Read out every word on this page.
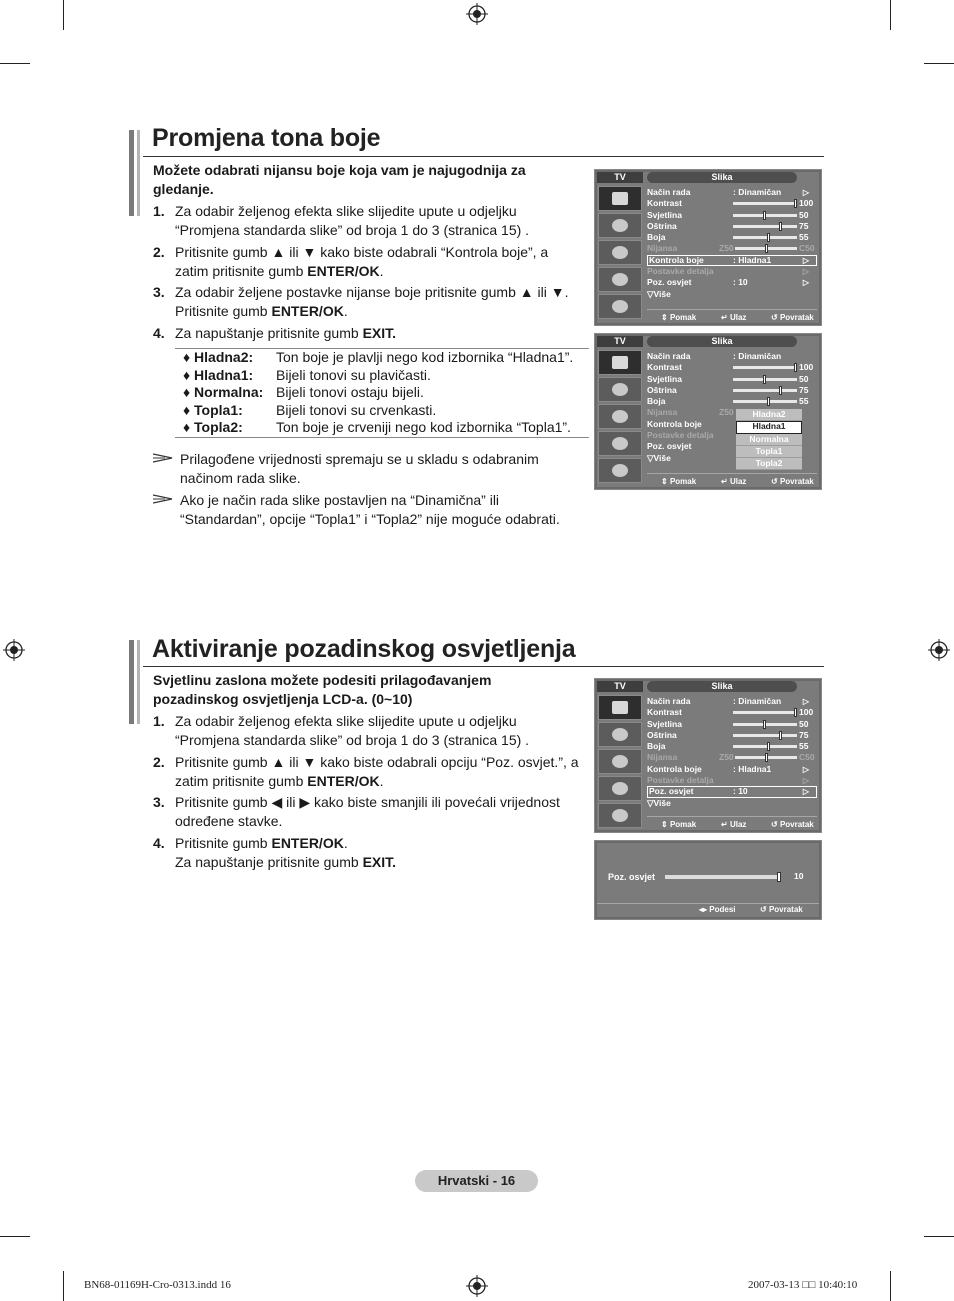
Promjena tona boje
Možete odabrati nijansu boje koja vam je najugodnija za gledanje.
1. Za odabir željenog efekta slike slijedite upute u odjeljku “Promjena standarda slike” od broja 1 do 3 (stranica 15) .
2. Pritisnite gumb ▲ ili ▼ kako biste odabrali “Kontrola boje”, a zatim pritisnite gumb ENTER/OK.
3. Za odabir željene postavke nijanse boje pritisnite gumb ▲ ili ▼. Pritisnite gumb ENTER/OK.
4. Za napuštanje pritisnite gumb EXIT.
♦ Hladna2: Ton boje je plavlji nego kod izbornika “Hladna1”.
♦ Hladna1: Bijeli tonovi su plavičasti.
♦ Normalna: Bijeli tonovi ostaju bijeli.
♦ Topla1: Bijeli tonovi su crvenkasti.
♦ Topla2: Ton boje je crveniji nego kod izbornika “Topla1”.
Prilagođene vrijednosti spremaju se u skladu s odabranim načinom rada slike.
Ako je način rada slike postavljen na “Dinamična” ili “Standardan”, opcije “Topla1” i “Topla2” nije moguće odabrati.
TV	Slika
Način rada	: Dinamičan	▷
Kontrast	100
Svjetlina	50
Oštrina	75
Boja	55
Nijansa	Z50	C50
Kontrola boje	: Hladna1	▷
Postavke detalja	▷
Poz. osvjet	: 10	▷
▽Više
⇕ Pomak	↵ Ulaz	↺ Povratak
TV	Slika
Način rada	: Dinamičan
Kontrast	100
Svjetlina	50
Oštrina	75
Boja	55
Nijansa	Z50
Kontrola boje
Postavke detalja
Poz. osvjet
▽Više
Hladna2
Hladna1
Normalna
Topla1
Topla2
⇕ Pomak	↵ Ulaz	↺ Povratak
Aktiviranje pozadinskog osvjetljenja
Svjetlinu zaslona možete podesiti prilagođavanjem pozadinskog osvjetljenja LCD-a. (0~10)
1. Za odabir željenog efekta slike slijedite upute u odjeljku “Promjena standarda slike” od broja 1 do 3 (stranica 15) .
2. Pritisnite gumb ▲ ili ▼ kako biste odabrali opciju “Poz. osvjet.”, a zatim pritisnite gumb ENTER/OK.
3. Pritisnite gumb ◀ ili ▶ kako biste smanjili ili povećali vrijednost određene stavke.
4. Pritisnite gumb ENTER/OK.
Za napuštanje pritisnite gumb EXIT.
TV	Slika
Način rada	: Dinamičan	▷
Kontrast	100
Svjetlina	50
Oštrina	75
Boja	55
Nijansa	Z50	C50
Kontrola boje	: Hladna1	▷
Postavke detalja	▷
Poz. osvjet	: 10	▷
▽Više
⇕ Pomak	↵ Ulaz	↺ Povratak
Poz. osvjet	10
◂▸ Podesi	↺ Povratak
Hrvatski - 16
BN68-01169H-Cro-0313.indd 16	2007-03-13 □□ 10:40:10
